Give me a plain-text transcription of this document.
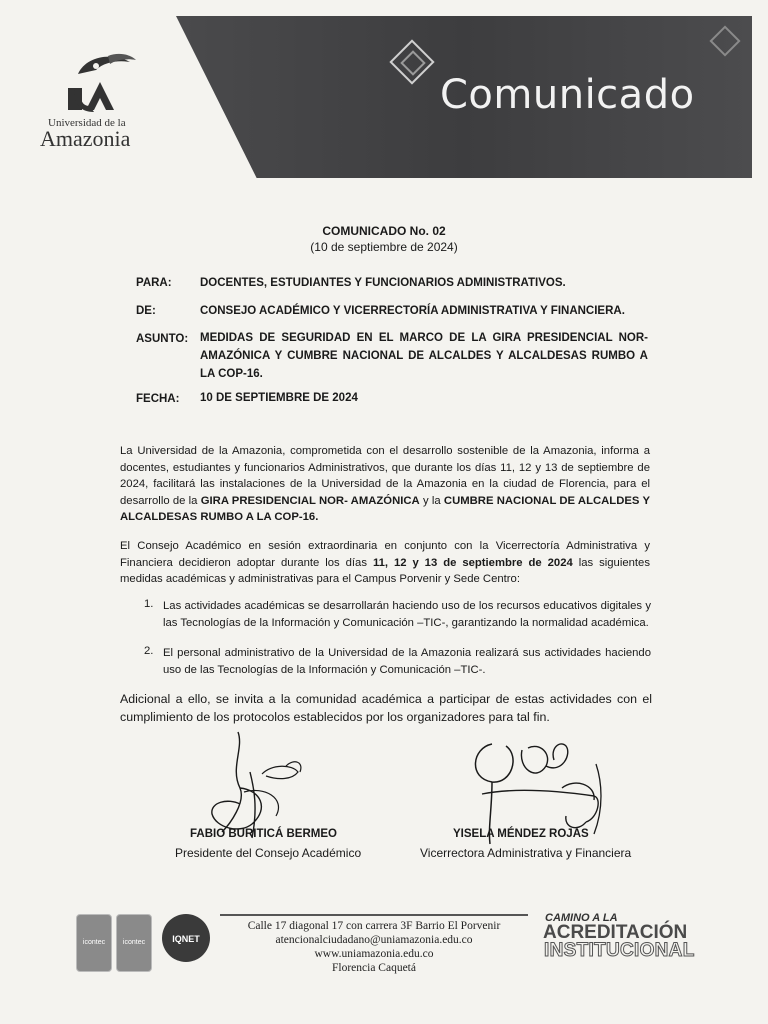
Comunicado
Universidad de la
Amazonia
COMUNICADO No. 02
(10 de septiembre de 2024)
PARA: DOCENTES, ESTUDIANTES Y FUNCIONARIOS ADMINISTRATIVOS.
DE:	CONSEJO ACADÉMICO Y VICERRECTORÍA ADMINISTRATIVA Y FINANCIERA.
ASUNTO: MEDIDAS DE SEGURIDAD EN EL MARCO DE LA GIRA PRESIDENCIAL NOR-AMAZÓNICA Y CUMBRE NACIONAL DE ALCALDES Y ALCALDESAS RUMBO A LA COP-16.
FECHA: 10 DE SEPTIEMBRE DE 2024
La Universidad de la Amazonia, comprometida con el desarrollo sostenible de la Amazonia, informa a docentes, estudiantes y funcionarios Administrativos, que durante los días 11, 12 y 13 de septiembre de 2024, facilitará las instalaciones de la Universidad de la Amazonia en la ciudad de Florencia, para el desarrollo de la GIRA PRESIDENCIAL NOR- AMAZÓNICA y la CUMBRE NACIONAL DE ALCALDES Y ALCALDESAS RUMBO A LA COP-16.
El Consejo Académico en sesión extraordinaria en conjunto con la Vicerrectoría Administrativa y Financiera decidieron adoptar durante los días 11, 12 y 13 de septiembre de 2024 las siguientes medidas académicas y administrativas para el Campus Porvenir y Sede Centro:
1. Las actividades académicas se desarrollarán haciendo uso de los recursos educativos digitales y las Tecnologías de la Información y Comunicación –TIC-, garantizando la normalidad académica.
2. El personal administrativo de la Universidad de la Amazonia realizará sus actividades haciendo uso de las Tecnologías de la Información y Comunicación –TIC-.
Adicional a ello, se invita a la comunidad académica a participar de estas actividades con el cumplimiento de los protocolos establecidos por los organizadores para tal fin.
FABIO BURITICÁ BERMEO
Presidente del Consejo Académico
YISELA MÉNDEZ ROJAS
Vicerrectora Administrativa y Financiera
icontec	icontec	IQNET
Calle 17 diagonal 17 con carrera 3F Barrio El Porvenir
atencionalciudadano@uniamazonia.edu.co
www.uniamazonia.edu.co
Florencia Caquetá
CAMINO A LA
ACREDITACIÓN
INSTITUCIONAL
